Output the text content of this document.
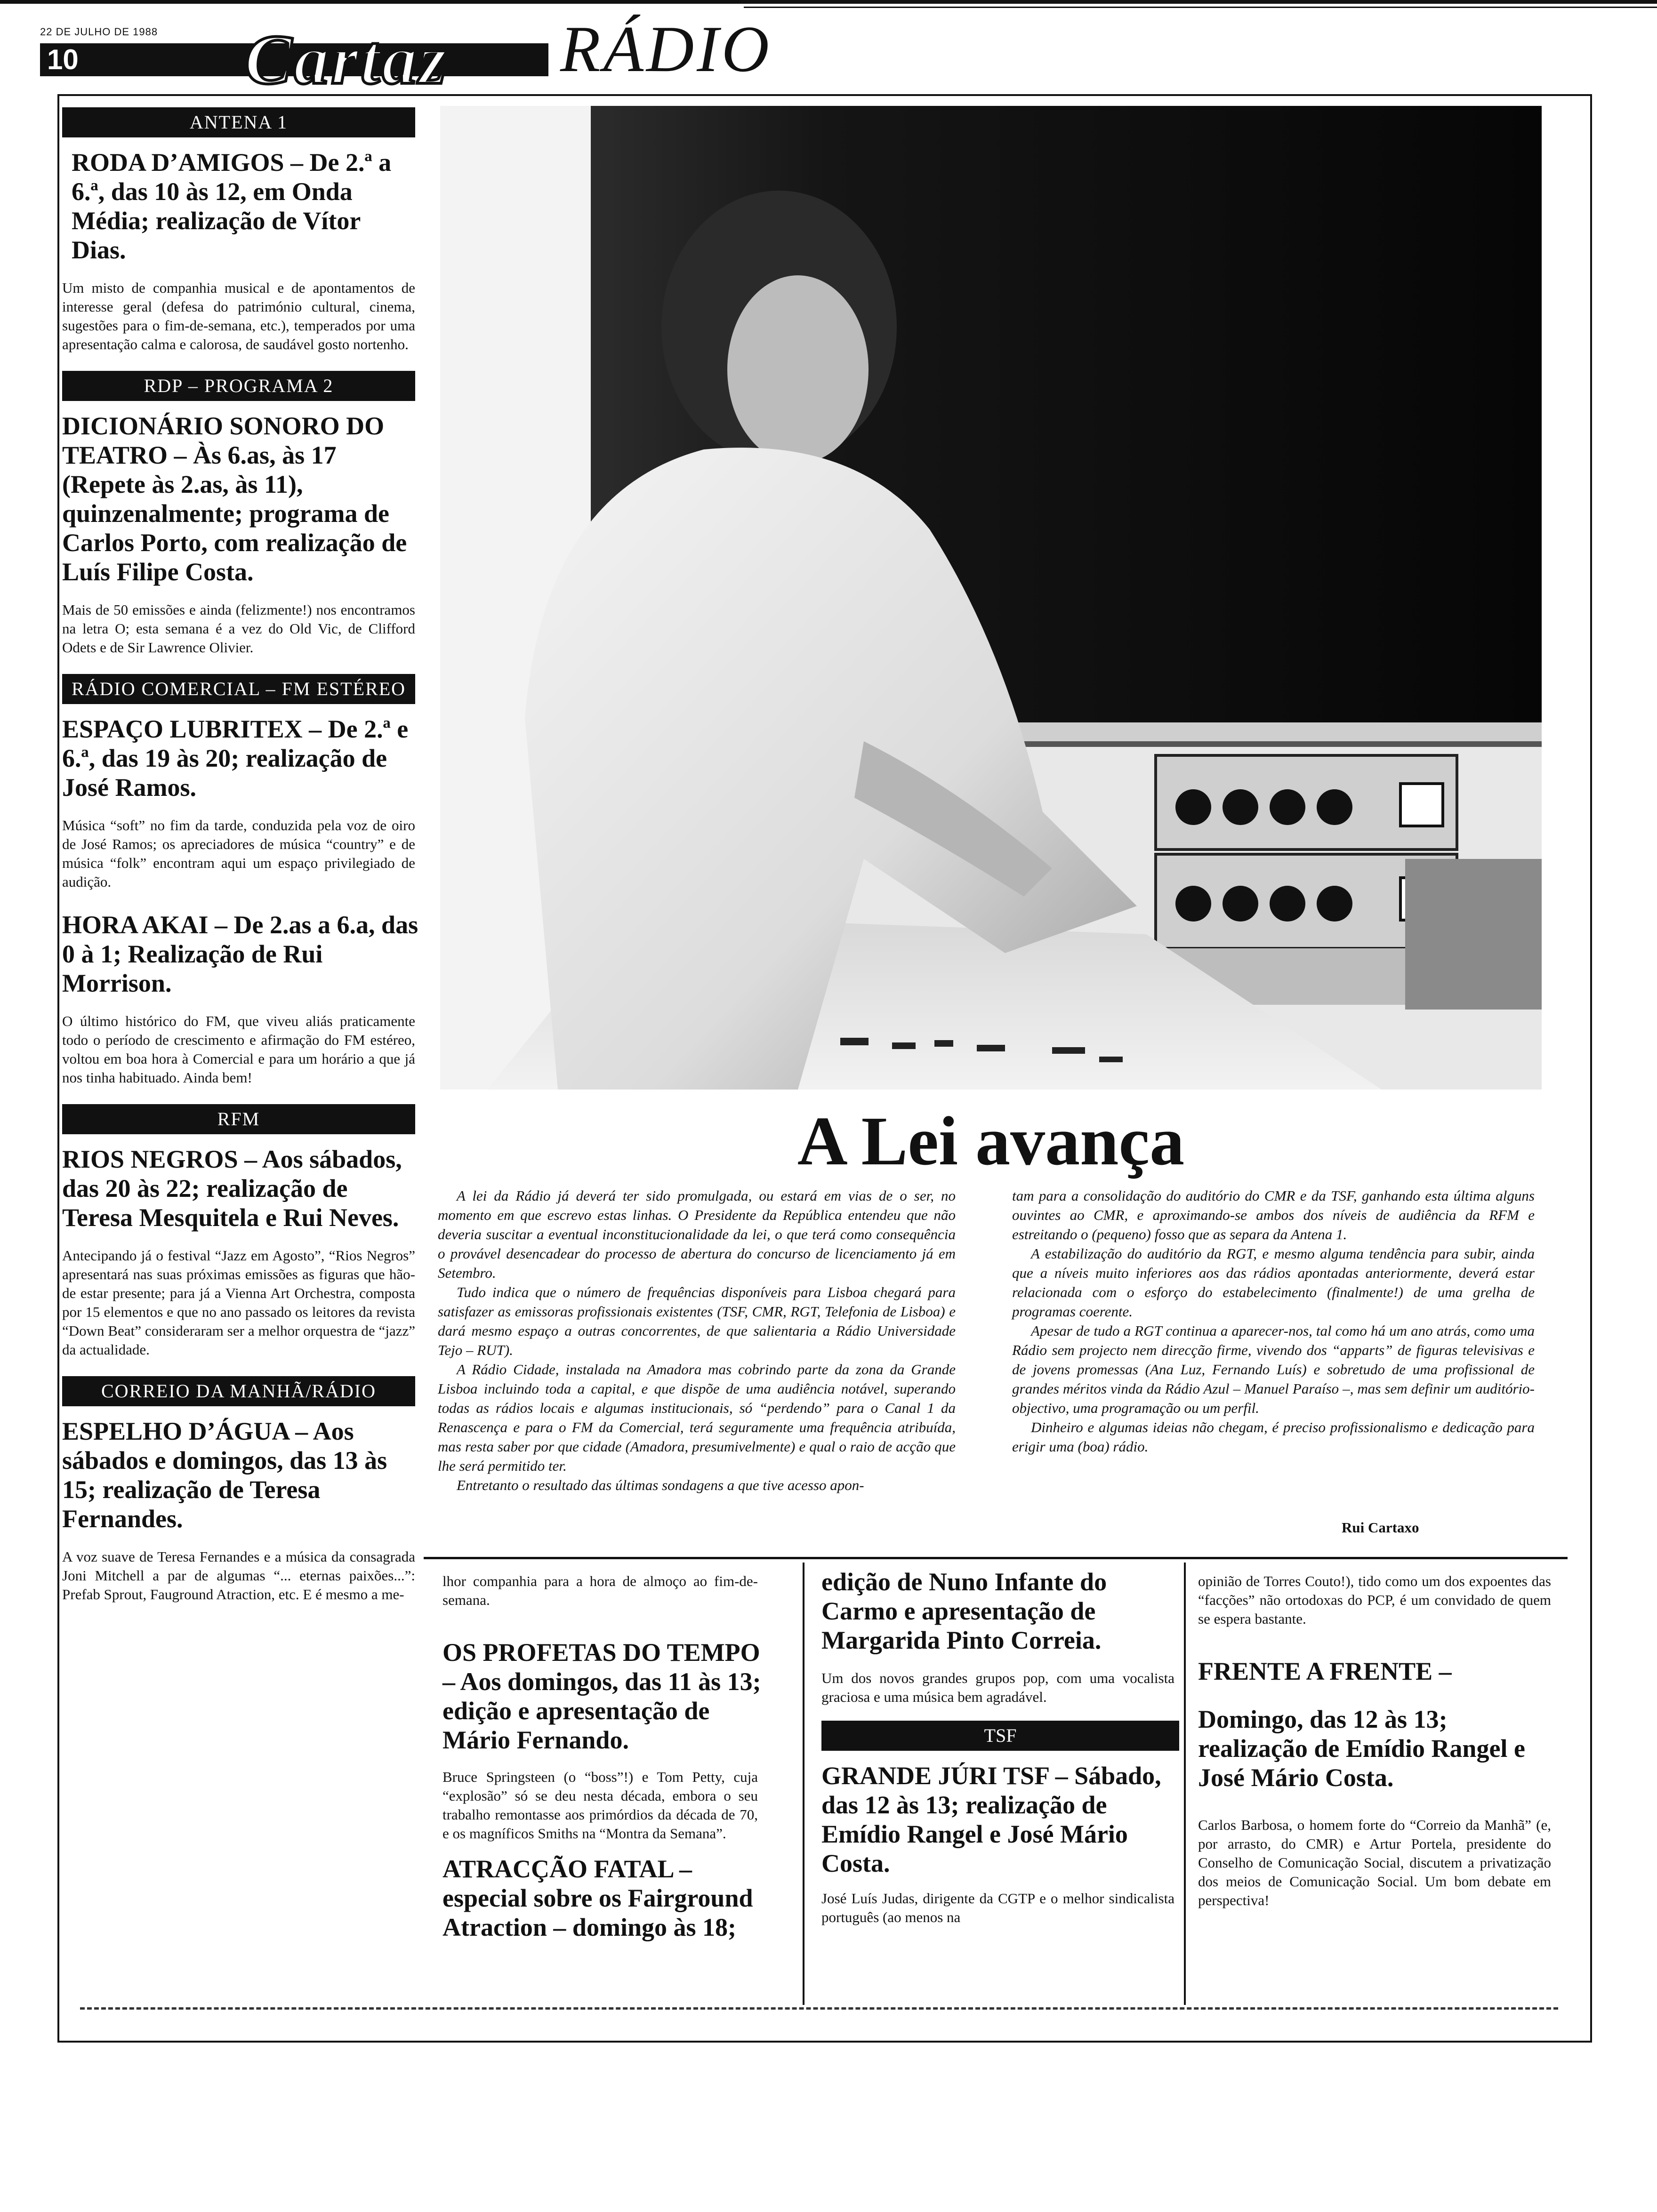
22 DE JULHO DE 1988
10 Cartaz RÁDIO
ANTENA 1
RODA D’AMIGOS – De 2.ª a 6.ª, das 10 às 12, em Onda Média; realização de Vítor Dias.
Um misto de companhia musical e de apontamentos de interesse geral (defesa do património cultural, cinema, sugestões para o fim-de-semana, etc.), temperados por uma apresentação calma e calorosa, de saudável gosto nortenho.
RDP – PROGRAMA 2
DICIONÁRIO SONORO DO TEATRO – Às 6.as, às 17 (Repete às 2.as, às 11), quinzenalmente; programa de Carlos Porto, com realização de Luís Filipe Costa.
Mais de 50 emissões e ainda (felizmente!) nos encontramos na letra O; esta semana é a vez do Old Vic, de Clifford Odets e de Sir Lawrence Olivier.
RÁDIO COMERCIAL – FM ESTÉREO
ESPAÇO LUBRITEX – De 2.ª e 6.ª, das 19 às 20; realização de José Ramos.
Música “soft” no fim da tarde, conduzida pela voz de oiro de José Ramos; os apreciadores de música “country” e de música “folk” encontram aqui um espaço privilegiado de audição.
HORA AKAI – De 2.as a 6.a, das 0 à 1; Realização de Rui Morrison.
O último histórico do FM, que viveu aliás praticamente todo o período de crescimento e afirmação do FM estéreo, voltou em boa hora à Comercial e para um horário a que já nos tinha habituado. Ainda bem!
RFM
RIOS NEGROS – Aos sábados, das 20 às 22; realização de Teresa Mesquitela e Rui Neves.
Antecipando já o festival “Jazz em Agosto”, “Rios Negros” apresentará nas suas próximas emissões as figuras que hão-de estar presente; para já a Vienna Art Orchestra, composta por 15 elementos e que no ano passado os leitores da revista “Down Beat” consideraram ser a melhor orquestra de “jazz” da actualidade.
CORREIO DA MANHÃ/RÁDIO
ESPELHO D’ÁGUA – Aos sábados e domingos, das 13 às 15; realização de Teresa Fernandes.
A voz suave de Teresa Fernandes e a música da consagrada Joni Mitchell a par de algumas “... eternas paixões...”: Prefab Sprout, Fauground Atraction, etc. E é mesmo a me-
A Lei avança

A lei da Rádio já deverá ter sido promulgada, ou estará em vias de o ser, no momento em que escrevo estas linhas. O Presidente da República entendeu que não deveria suscitar a eventual inconstitucionalidade da lei, o que terá como consequência o provável desencadear do processo de abertura do concurso de licenciamento já em Setembro.

Tudo indica que o número de frequências disponíveis para Lisboa chegará para satisfazer as emissoras profissionais existentes (TSF, CMR, RGT, Telefonia de Lisboa) e dará mesmo espaço a outras concorrentes, de que salientaria a Rádio Universidade Tejo – RUT).

A Rádio Cidade, instalada na Amadora mas cobrindo parte da zona da Grande Lisboa incluindo toda a capital, e que dispõe de uma audiência notável, superando todas as rádios locais e algumas institucionais, só “perdendo” para o Canal 1 da Renascença e para o FM da Comercial, terá seguramente uma frequência atribuída, mas resta saber por que cidade (Amadora, presumivelmente) e qual o raio de acção que lhe será permitido ter.

Entretanto o resultado das últimas sondagens a que tive acesso apon-

tam para a consolidação do auditório do CMR e da TSF, ganhando esta última alguns ouvintes ao CMR, e aproximando-se ambos dos níveis de audiência da RFM e estreitando o (pequeno) fosso que as separa da Antena 1.

A estabilização do auditório da RGT, e mesmo alguma tendência para subir, ainda que a níveis muito inferiores aos das rádios apontadas anteriormente, deverá estar relacionada com o esforço do estabelecimento (finalmente!) de uma grelha de programas coerente.

Apesar de tudo a RGT continua a aparecer-nos, tal como há um ano atrás, como uma Rádio sem projecto nem direcção firme, vivendo dos “apparts” de figuras televisivas e de jovens promessas (Ana Luz, Fernando Luís) e sobretudo de uma profissional de grandes méritos vinda da Rádio Azul – Manuel Paraíso –, mas sem definir um auditório-objectivo, uma programação ou um perfil.

Dinheiro e algumas ideias não chegam, é preciso profissionalismo e dedicação para erigir uma (boa) rádio.

Rui Cartaxo
lhor companhia para a hora de almoço ao fim-de-semana.
OS PROFETAS DO TEMPO – Aos domingos, das 11 às 13; edição e apresentação de Mário Fernando.
Bruce Springsteen (o “boss”!) e Tom Petty, cuja “explosão” só se deu nesta década, embora o seu trabalho remontasse aos primórdios da década de 70, e os magníficos Smiths na “Montra da Semana”.
ATRACÇÃO FATAL – especial sobre os Fairground Atraction – domingo às 18;
edição de Nuno Infante do Carmo e apresentação de Margarida Pinto Correia.
Um dos novos grandes grupos pop, com uma vocalista graciosa e uma música bem agradável.
TSF
GRANDE JÚRI TSF – Sábado, das 12 às 13; realização de Emídio Rangel e José Mário Costa.
José Luís Judas, dirigente da CGTP e o melhor sindicalista português (ao menos na
opinião de Torres Couto!), tido como um dos expoentes das “facções” não ortodoxas do PCP, é um convidado de quem se espera bastante.
FRENTE A FRENTE –
Domingo, das 12 às 13; realização de Emídio Rangel e José Mário Costa.
Carlos Barbosa, o homem forte do “Correio da Manhã” (e, por arrasto, do CMR) e Artur Portela, presidente do Conselho de Comunicação Social, discutem a privatização dos meios de Comunicação Social. Um bom debate em perspectiva!
